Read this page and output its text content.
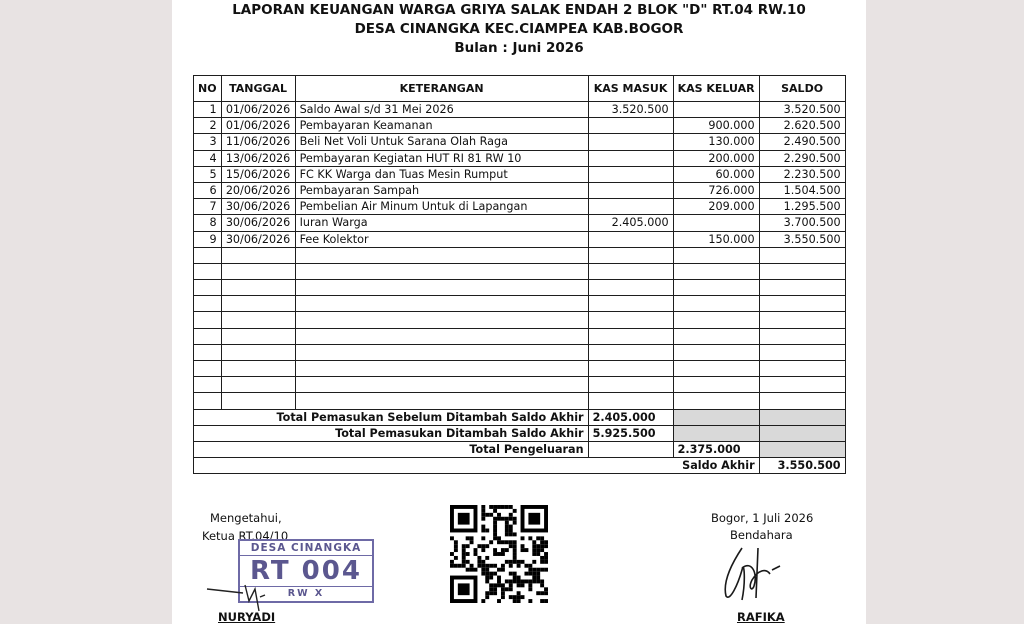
LAPORAN KEUANGAN WARGA GRIYA SALAK ENDAH 2 BLOK "D" RT.04 RW.10
DESA CINANGKA KEC.CIAMPEA KAB.BOGOR
Bulan : Juni 2026
NO	TANGGAL	KETERANGAN	KAS MASUK	KAS KELUAR	SALDO
1	01/06/2026	Saldo Awal s/d 31 Mei 2026	3.520.500		3.520.500
2	01/06/2026	Pembayaran Keamanan		900.000	2.620.500
3	11/06/2026	Beli Net Voli Untuk Sarana Olah Raga		130.000	2.490.500
4	13/06/2026	Pembayaran Kegiatan HUT RI 81 RW 10		200.000	2.290.500
5	15/06/2026	FC KK Warga dan Tuas Mesin Rumput		60.000	2.230.500
6	20/06/2026	Pembayaran Sampah		726.000	1.504.500
7	30/06/2026	Pembelian Air Minum Untuk di Lapangan		209.000	1.295.500
8	30/06/2026	Iuran Warga	2.405.000		3.700.500
9	30/06/2026	Fee Kolektor		150.000	3.550.500

Total Pemasukan Sebelum Ditambah Saldo Akhir			2.405.000		
Total Pemasukan Ditambah Saldo Akhir			5.925.500		
Total Pengeluaran				2.375.000	
Saldo Akhir					3.550.500
Mengetahui,
Ketua RT.04/10
DESA CINANGKA
RT 004
RW X
NURYADI
Bogor, 1 Juli 2026
Bendahara
RAFIKA
